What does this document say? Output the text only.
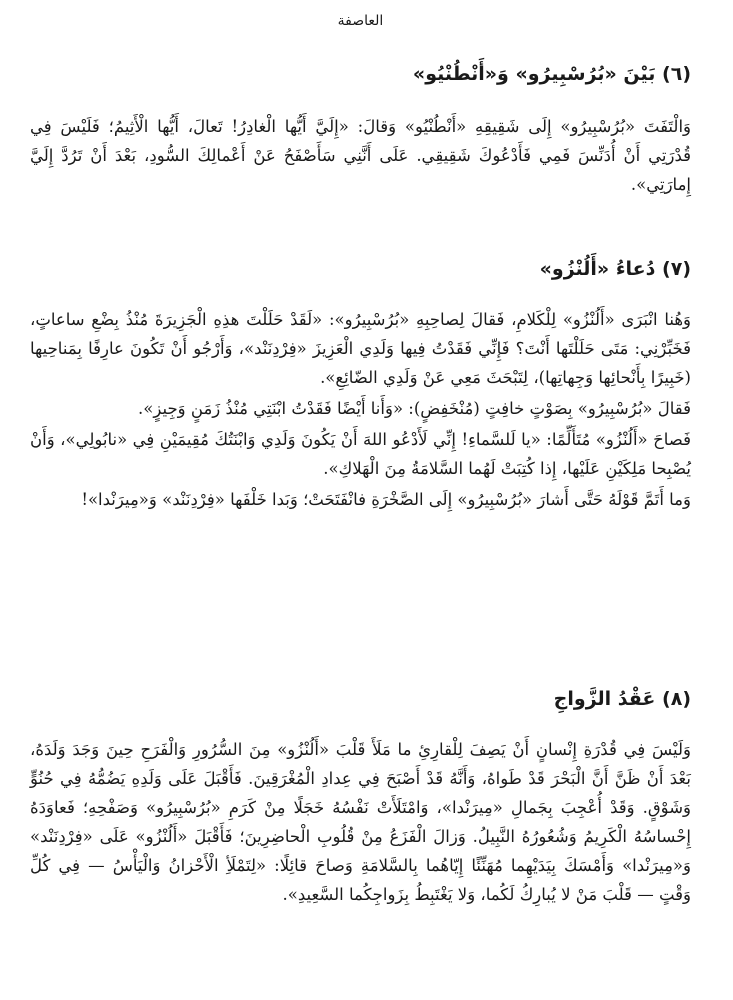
العاصفة
(٦) بَيْنَ «بُرُسْبِيرُو» وَ«أَنْطُنْيُو»

وَالْتَفَتَ «بُرُسْبِيرُو» إِلَى شَقِيقِهِ «أَنْطُنْيُو» وَقالَ: «إِلَيَّ أَيُّها الْغادِرُ! تَعالَ، أَيُّها الْأَثِيمُ؛ فَلَيْسَ فِي قُدْرَتِي أَنْ أُدَنِّسَ فَمِي فَأَدْعُوكَ شَقِيقِي. عَلَى أَنَّنِي سَأَصْفَحُ عَنْ أَعْمالِكَ السُّودِ، بَعْدَ أَنْ تَرُدَّ إِلَيَّ إِمارَتِي».

(٧) دُعاءُ «أَلُنْزُو»

وَهُنا انْبَرَى «أَلُنْزُو» لِلْكَلامِ، فَقالَ لِصاحِبِهِ «بُرُسْبِيرُو»: «لَقَدْ حَلَلْتَ هذِهِ الْجَزِيرَةَ مُنْذُ بِضْعِ ساعاتٍ، فَخَبِّرْنِي: مَتَى حَلَلْتَها أَنْتَ؟ فَإِنِّي فَقَدْتُ فِيها وَلَدِي الْعَزِيزَ «فِرْدِنَنْد»، وَأَرْجُو أَنْ تَكُونَ عارِفًا بِمَناحِيها (خَبِيرًا بِأَنْحائِها وَجِهاتِها)، لِتَبْحَثَ مَعِي عَنْ وَلَدِي الضّائِعِ».

فَقالَ «بُرُسْبِيرُو» بِصَوْتٍ خافِتٍ (مُنْخَفِضٍ): «وَأَنا أَيْضًا فَقَدْتُ ابْنَتِي مُنْذُ زَمَنٍ وَجِيزٍ».

فَصاحَ «أَلُنْزُو» مُتَأَلِّمًا: «يا لَلسَّماءِ! إِنِّي لَأَدْعُو اللهَ أَنْ يَكُونَ وَلَدِي وَابْنَتُكَ مُقِيمَيْنِ فِي «نابُولِي»، وَأَنْ يُصْبِحا مَلِكَيْنِ عَلَيْها، إِذا كُتِبَتْ لَهُما السَّلامَةُ مِنَ الْهَلاكِ».

وَما أَتَمَّ قَوْلَهُ حَتَّى أَشارَ «بُرُسْبِيرُو» إِلَى الصَّخْرَةِ فانْفَتَحَتْ؛ وَبَدا خَلْفَها «فِرْدِنَنْد» وَ«مِيرَنْدا»!

(٨) عَقْدُ الزَّواجِ

وَلَيْسَ فِي قُدْرَةِ إِنْسانٍ أَنْ يَصِفَ لِلْقارِئِ ما مَلَأَ قَلْبَ «أَلُنْزُو» مِنَ السُّرُورِ وَالْفَرَحِ حِينَ وَجَدَ وَلَدَهُ، بَعْدَ أَنْ ظَنَّ أَنَّ الْبَحْرَ قَدْ طَواهُ، وَأَنَّهُ قَدْ أَصْبَحَ فِي عِدادِ الْمُغْرَقِينَ. فَأَقْبَلَ عَلَى وَلَدِهِ يَضُمُّهُ فِي حُنُوٍّ وَشَوْقٍ. وَقَدْ أُعْجِبَ بِجَمالِ «مِيرَنْدا»، وَامْتَلَأَتْ نَفْسُهُ خَجَلًا مِنْ كَرَمِ «بُرُسْبِيرُو» وَصَفْحِهِ؛ فَعاوَدَهُ إِحْساسُهُ الْكَرِيمُ وَشُعُورُهُ النَّبِيلُ. وَزالَ الْفَزَعُ مِنْ قُلُوبِ الْحاضِرِينَ؛ فَأَقْبَلَ «أَلُنْزُو» عَلَى «فِرْدِنَنْد» وَ«مِيرَنْدا» وَأَمْسَكَ بِيَدَيْهِما مُهَنِّئًا إِيّاهُما بِالسَّلامَةِ وَصاحَ قائِلًا: «لِتَمْلَأِ الْأَحْزانُ وَالْيَأْسُ — فِي كُلِّ وَقْتٍ — قَلْبَ مَنْ لا يُبارِكُ لَكُما، وَلا يَغْتَبِطُ بِزَواجِكُما السَّعِيدِ».
